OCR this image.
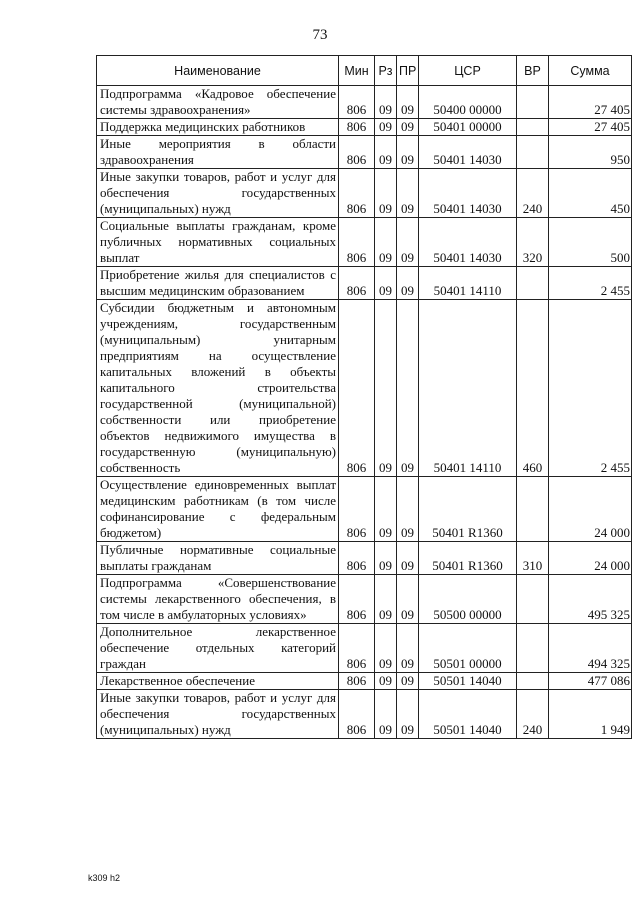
73
Наименование	Мин	Рз	ПР	ЦСР	ВР	Сумма
Подпрограмма «Кадровое обеспечение системы здравоохранения»	806	09	09	50400 00000		27 405
Поддержка медицинских работников	806	09	09	50401 00000		27 405
Иные мероприятия в области здравоохранения	806	09	09	50401 14030		950
Иные закупки товаров, работ и услуг для обеспечения государственных (муниципальных) нужд	806	09	09	50401 14030	240	450
Социальные выплаты гражданам, кроме публичных нормативных социальных выплат	806	09	09	50401 14030	320	500
Приобретение жилья для специалистов с высшим медицинским образованием	806	09	09	50401 14110		2 455
Субсидии бюджетным и автономным учреждениям, государственным (муниципальным) унитарным предприятиям на осуществление капитальных вложений в объекты капитального строительства государственной (муниципальной) собственности или приобретение объектов недвижимого имущества в государственную (муниципальную) собственность	806	09	09	50401 14110	460	2 455
Осуществление единовременных выплат медицинским работникам (в том числе софинансирование с федеральным бюджетом)	806	09	09	50401 R1360		24 000
Публичные нормативные социальные выплаты гражданам	806	09	09	50401 R1360	310	24 000
Подпрограмма «Совершенствование системы лекарственного обеспечения, в том числе в амбулаторных условиях»	806	09	09	50500 00000		495 325
Дополнительное лекарственное обеспечение отдельных категорий граждан	806	09	09	50501 00000		494 325
Лекарственное обеспечение	806	09	09	50501 14040		477 086
Иные закупки товаров, работ и услуг для обеспечения государственных (муниципальных) нужд	806	09	09	50501 14040	240	1 949
k309 h2
